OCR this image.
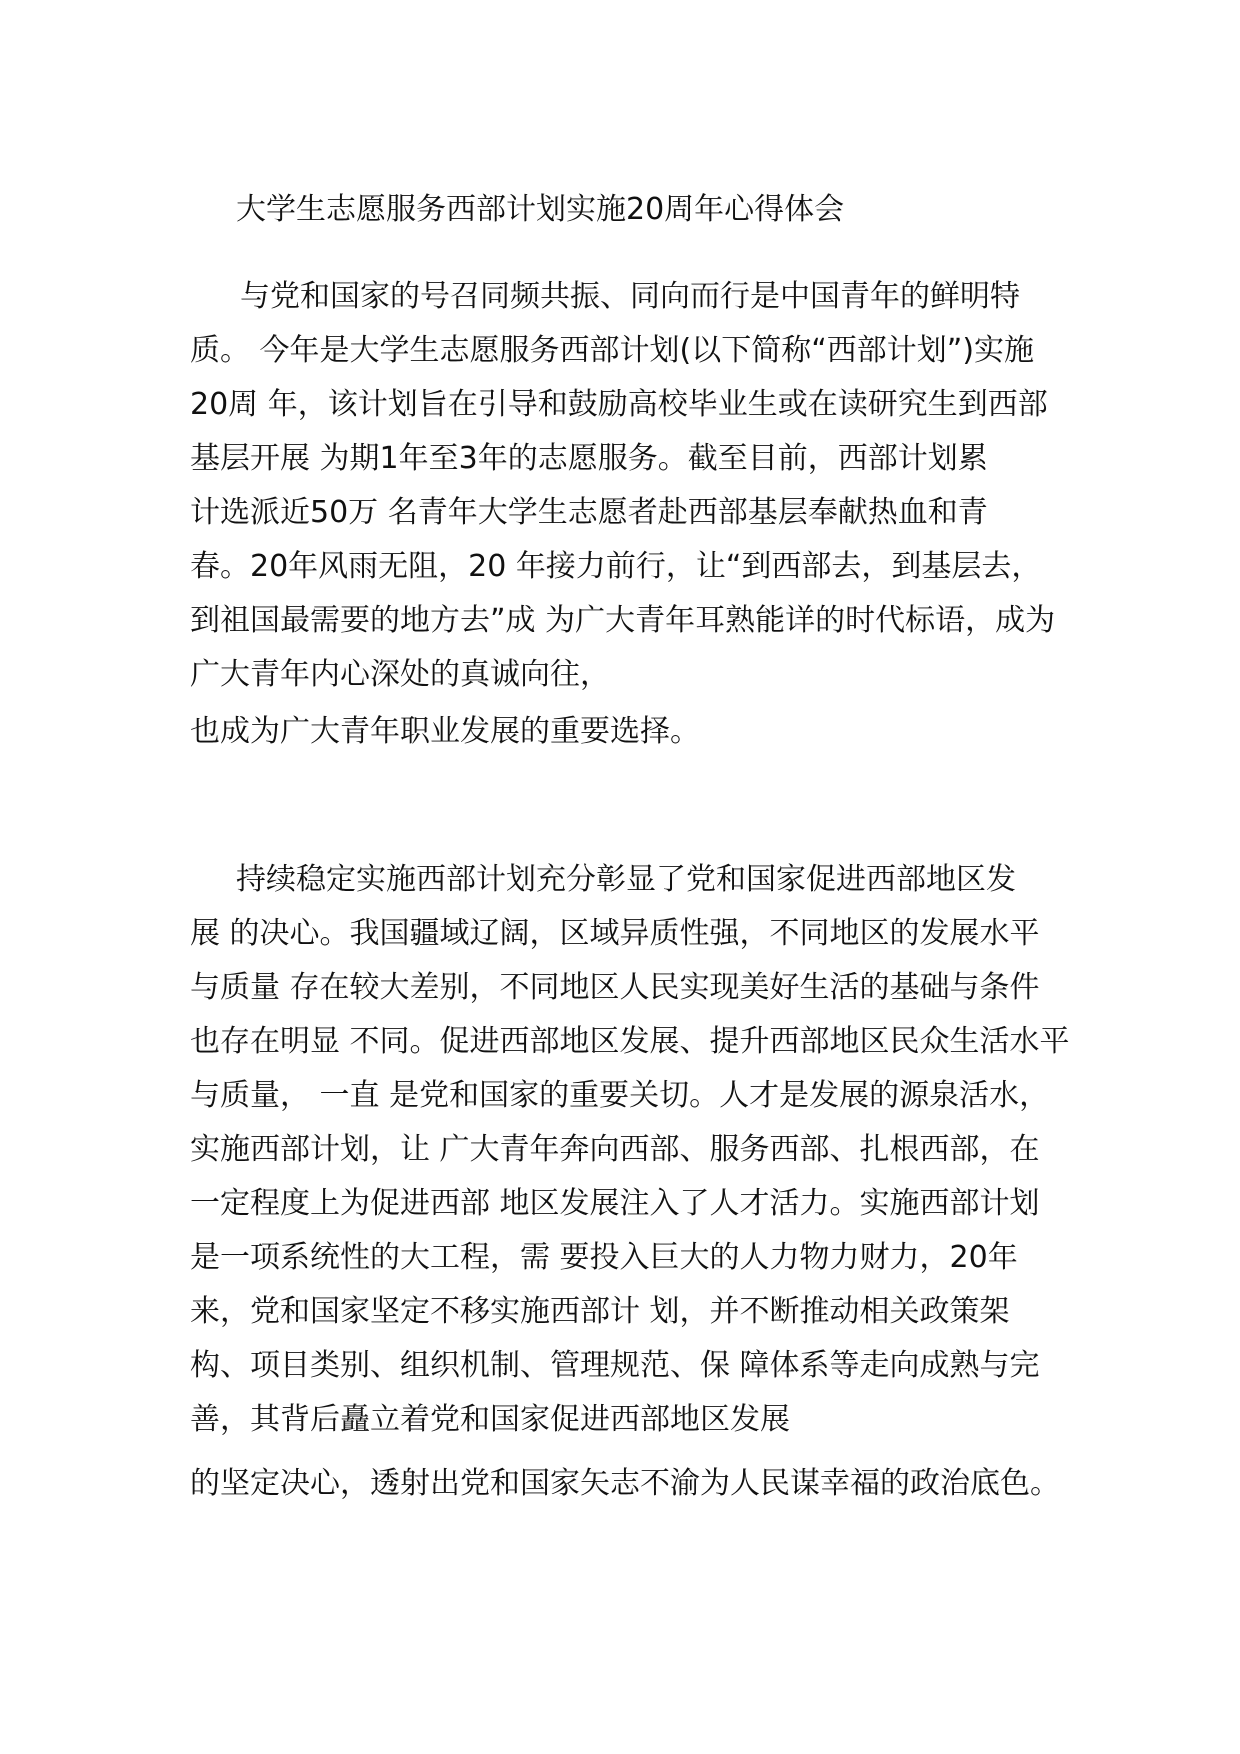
大学生志愿服务西部计划实施20周年心得体会

与党和国家的号召同频共振、同向而行是中国青年的鲜明特

质。 今年是大学生志愿服务西部计划(以下简称“西部计划”)实施

20周 年，该计划旨在引导和鼓励高校毕业生或在读研究生到西部

基层开展 为期1年至3年的志愿服务。截至目前，西部计划累

计选派近50万 名青年大学生志愿者赴西部基层奉献热血和青

春。20年风雨无阻，20 年接力前行，让“到西部去，到基层去，

到祖国最需要的地方去”成 为广大青年耳熟能详的时代标语，成为

广大青年内心深处的真诚向往，

也成为广大青年职业发展的重要选择。

持续稳定实施西部计划充分彰显了党和国家促进西部地区发

展 的决心。我国疆域辽阔，区域异质性强，不同地区的发展水平

与质量 存在较大差别，不同地区人民实现美好生活的基础与条件

也存在明显 不同。促进西部地区发展、提升西部地区民众生活水平

与质量， 一直 是党和国家的重要关切。人才是发展的源泉活水，

实施西部计划，让 广大青年奔向西部、服务西部、扎根西部，在

一定程度上为促进西部 地区发展注入了人才活力。实施西部计划

是一项系统性的大工程，需 要投入巨大的人力物力财力，20年

来，党和国家坚定不移实施西部计 划，并不断推动相关政策架

构、项目类别、组织机制、管理规范、保 障体系等走向成熟与完

善，其背后矗立着党和国家促进西部地区发展

的坚定决心，透射出党和国家矢志不渝为人民谋幸福的政治底色。
